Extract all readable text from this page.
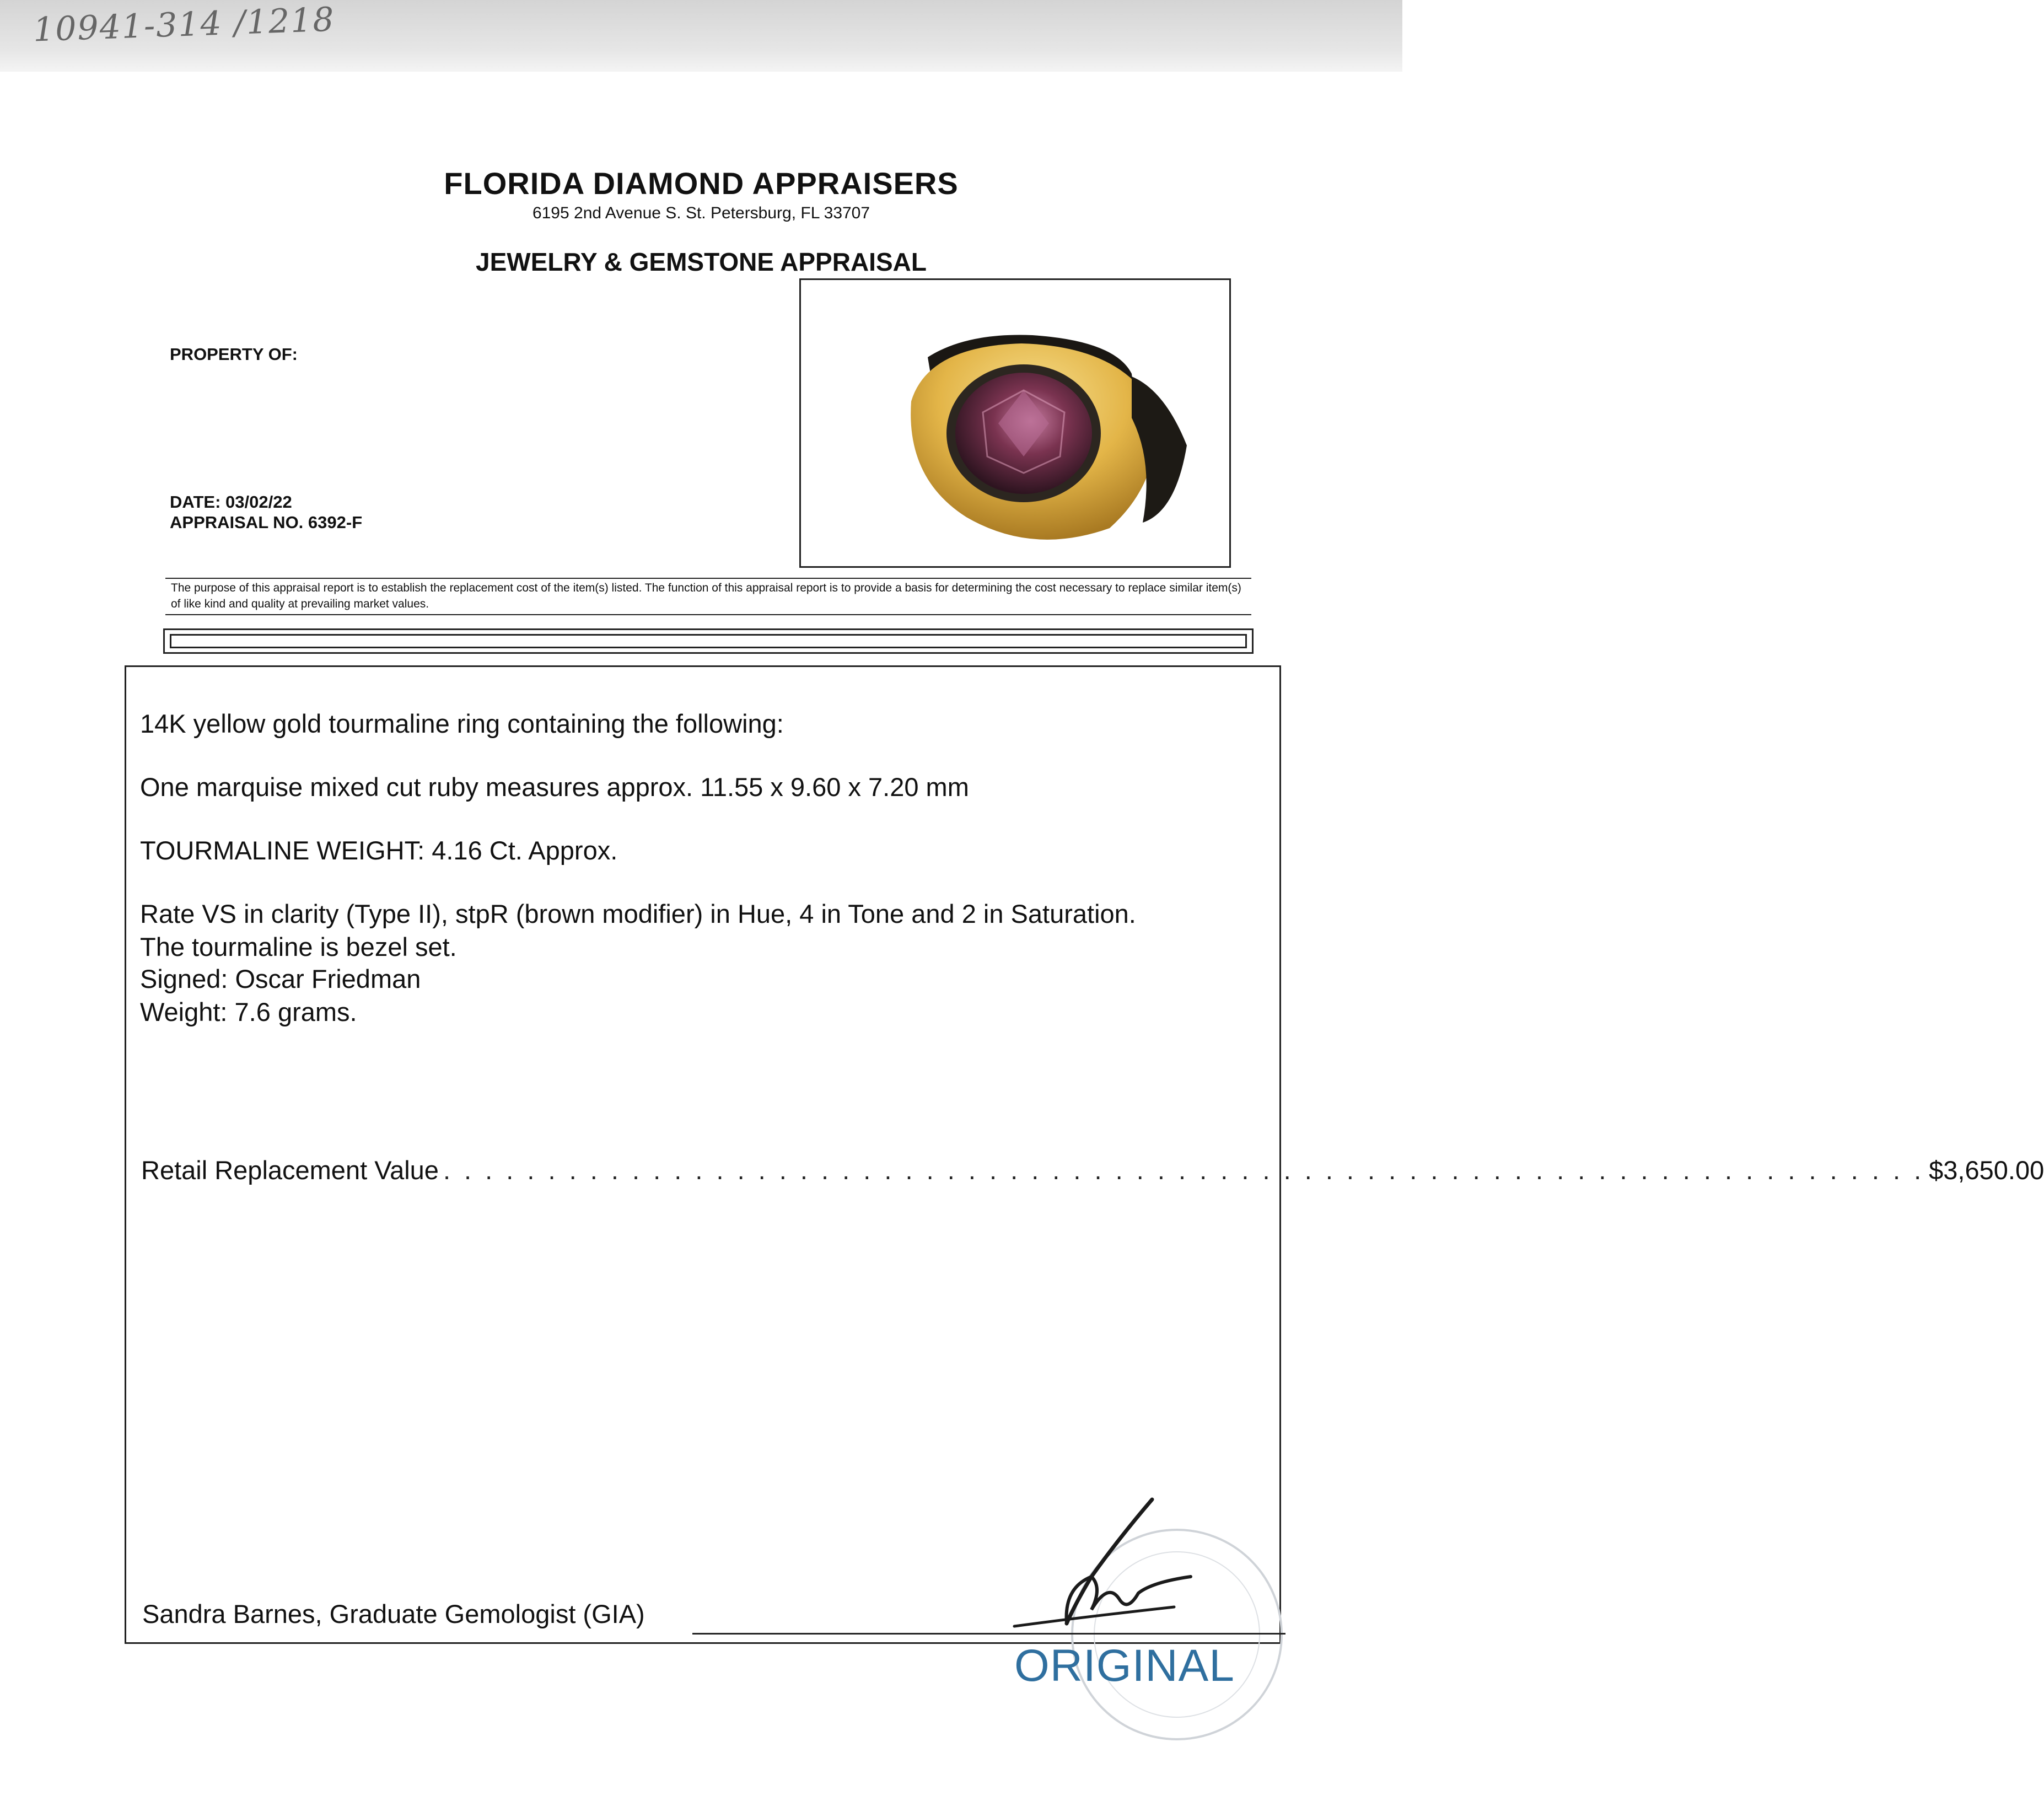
10941-314 /1218
FLORIDA DIAMOND APPRAISERS
6195 2nd Avenue S. St. Petersburg, FL 33707
JEWELRY & GEMSTONE APPRAISAL
PROPERTY OF:
DATE: 03/02/22
APPRAISAL NO. 6392-F
The purpose of this appraisal report is to establish the replacement cost of the item(s) listed. The function of this appraisal report is to provide a basis for determining the cost necessary to replace similar item(s) of like kind and quality at prevailing market values.
14K yellow gold tourmaline ring containing the following:
One marquise mixed cut ruby measures approx. 11.55 x 9.60 x 7.20 mm
TOURMALINE WEIGHT: 4.16 Ct. Approx.
Rate VS in clarity (Type II), stpR (brown modifier) in Hue, 4 in Tone and 2 in Saturation.
The tourmaline is bezel set.
Signed: Oscar Friedman
Weight: 7.6 grams.
Retail Replacement Value . . . . . . . . . . . . . . . . . . . . . . . . . . . . . . . . . . . . . . . . . . . . . . . . . . . . . . . . . . . . . . . . . . . . . . . $3,650.00
Sandra Barnes, Graduate Gemologist (GIA)
ORIGINAL
